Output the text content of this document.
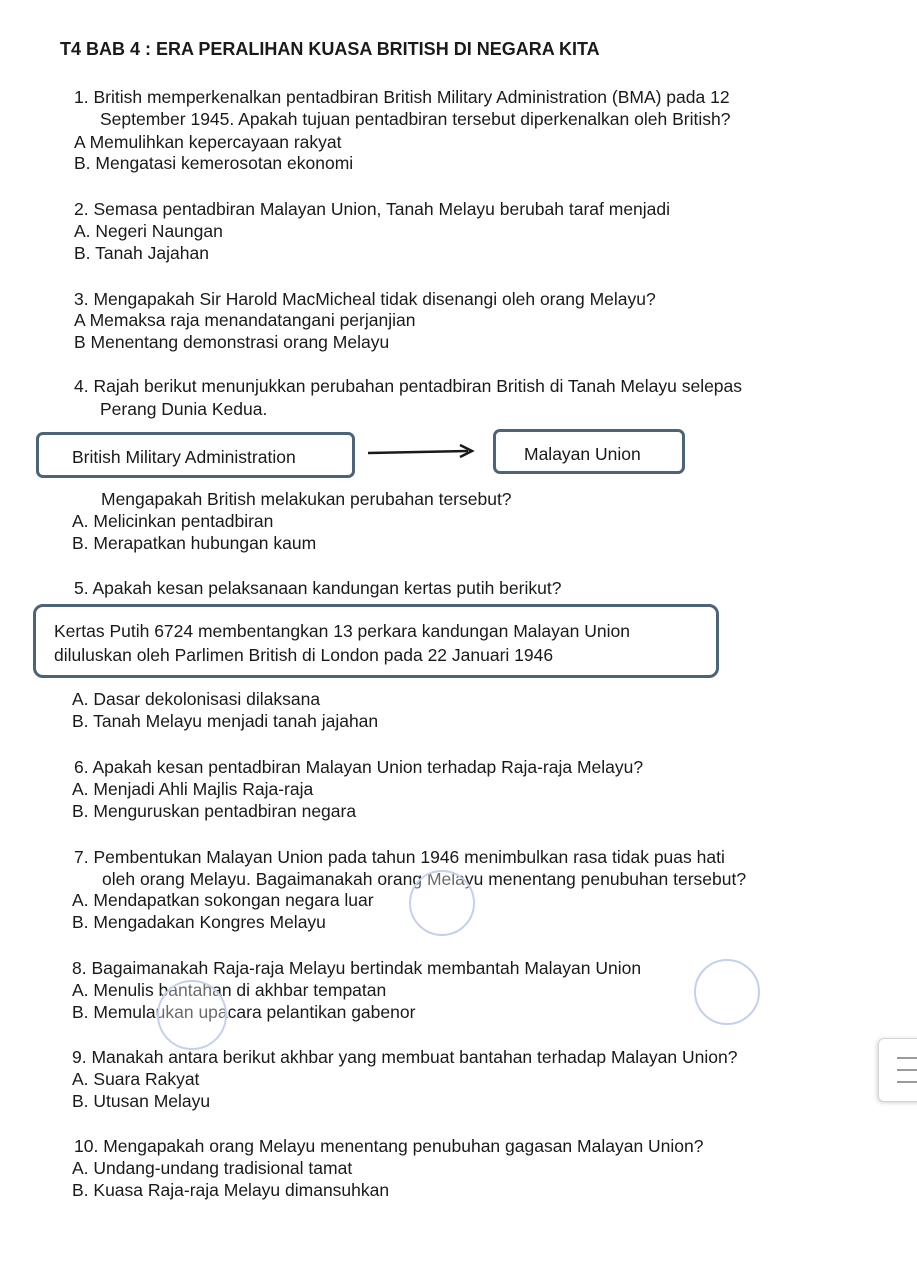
T4 BAB 4 : ERA PERALIHAN KUASA BRITISH DI NEGARA KITA
1. British memperkenalkan pentadbiran British Military Administration (BMA) pada 12
September 1945. Apakah tujuan pentadbiran tersebut diperkenalkan oleh British?
A Memulihkan kepercayaan rakyat
B. Mengatasi kemerosotan ekonomi
2. Semasa pentadbiran Malayan Union, Tanah Melayu berubah taraf menjadi
A. Negeri Naungan
B. Tanah Jajahan
3. Mengapakah Sir Harold MacMicheal tidak disenangi oleh orang Melayu?
A Memaksa raja menandatangani perjanjian
B Menentang demonstrasi orang Melayu
4. Rajah berikut menunjukkan perubahan pentadbiran British di Tanah Melayu selepas
Perang Dunia Kedua.
British Military Administration	Malayan Union
Mengapakah British melakukan perubahan tersebut?
A. Melicinkan pentadbiran
B. Merapatkan hubungan kaum
5. Apakah kesan pelaksanaan kandungan kertas putih berikut?
Kertas Putih 6724 membentangkan 13 perkara kandungan Malayan Union
diluluskan oleh Parlimen British di London pada 22 Januari 1946
A. Dasar dekolonisasi dilaksana
B. Tanah Melayu menjadi tanah jajahan
6. Apakah kesan pentadbiran Malayan Union terhadap Raja-raja Melayu?
A. Menjadi Ahli Majlis Raja-raja
B. Menguruskan pentadbiran negara
7. Pembentukan Malayan Union pada tahun 1946 menimbulkan rasa tidak puas hati
oleh orang Melayu. Bagaimanakah orang Melayu menentang penubuhan tersebut?
A. Mendapatkan sokongan negara luar
B. Mengadakan Kongres Melayu
8. Bagaimanakah Raja-raja Melayu bertindak membantah Malayan Union
A. Menulis bantahan di akhbar tempatan
B. Memulaukan upacara pelantikan gabenor
9. Manakah antara berikut akhbar yang membuat bantahan terhadap Malayan Union?
A. Suara Rakyat
B. Utusan Melayu
10. Mengapakah orang Melayu menentang penubuhan gagasan Malayan Union?
A. Undang-undang tradisional tamat
B. Kuasa Raja-raja Melayu dimansuhkan
